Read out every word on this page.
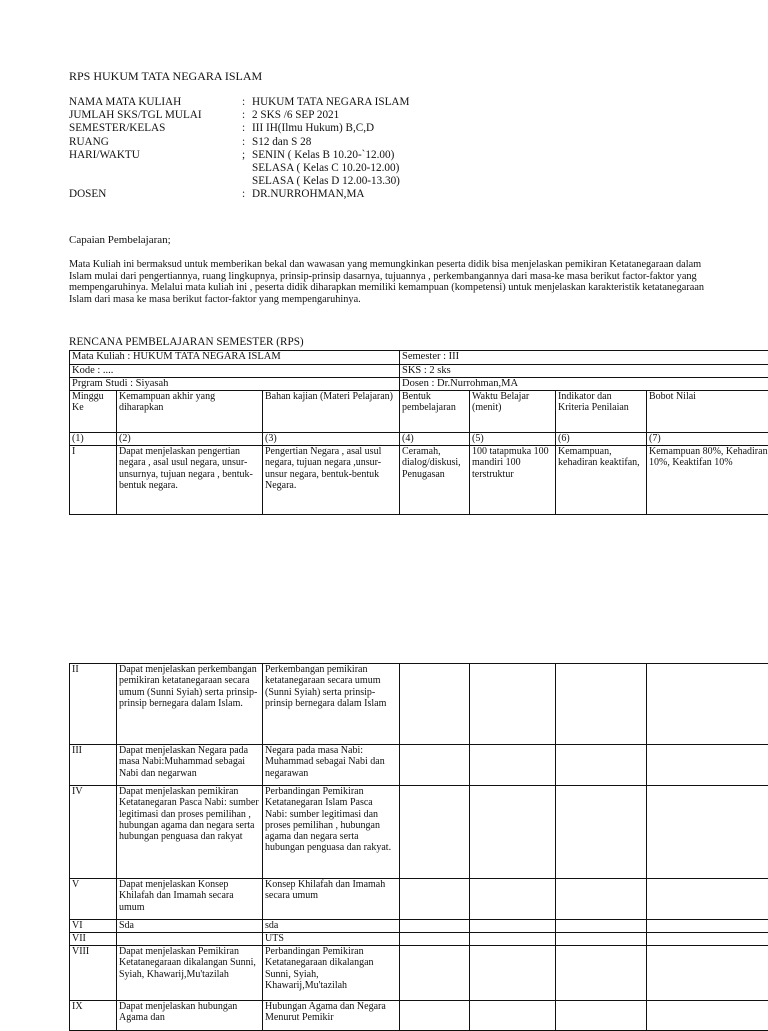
RPS HUKUM TATA NEGARA ISLAM
NAMA MATA KULIAH	: HUKUM TATA NEGARA ISLAM
JUMLAH SKS/TGL MULAI	: 2 SKS /6 SEP 2021
SEMESTER/KELAS	: III IH(Ilmu Hukum) B,C,D
RUANG	: S12 dan S 28
HARI/WAKTU	; SENIN ( Kelas B 10.20-`12.00)
SELASA ( Kelas C 10.20-12.00)
SELASA ( Kelas D 12.00-13.30)
DOSEN	: DR.NURROHMAN,MA
Capaian Pembelajaran;
Mata Kuliah ini bermaksud untuk memberikan bekal dan wawasan yang memungkinkan peserta didik bisa menjelaskan pemikiran Ketatanegaraan dalam Islam mulai dari pengertiannya, ruang lingkupnya, prinsip-prinsip dasarnya, tujuannya , perkembangannya dari masa-ke masa berikut factor-faktor yang mempengaruhinya. Melalui mata kuliah ini , peserta didik diharapkan memiliki kemampuan (kompetensi) untuk menjelaskan karakteristik ketatanegaraan Islam dari masa ke masa berikut factor-faktor yang mempengaruhinya.
RENCANA PEMBELAJARAN SEMESTER (RPS)
Mata Kuliah : HUKUM TATA NEGARA ISLAM			Semester : III			
Kode : ....			SKS : 2 sks			
Prgram Studi : Siyasah			Dosen : Dr.Nurrohman,MA			
Minggu Ke	Kemampuan akhir yang diharapkan	Bahan kajian (Materi Pelajaran)	Bentuk pembelajaran	Waktu Belajar (menit)	Indikator dan Kriteria Penilaian	Bobot Nilai
(1)	(2)	(3)	(4)	(5)	(6)	(7)
I	Dapat menjelaskan pengertian negara , asal usul negara, unsur-unsurnya, tujuan negara , bentuk-bentuk negara.	Pengertian Negara , asal usul negara, tujuan negara ,unsur-unsur negara, bentuk-bentuk Negara.	Ceramah, dialog/diskusi, Penugasan	100 tatapmuka 100 mandiri 100 terstruktur	Kemampuan, kehadiran keaktifan,	Kemampuan 80%, Kehadiran 10%, Keaktifan 10%
II	Dapat menjelaskan perkembangan pemikiran ketatanegaraan secara umum (Sunni Syiah) serta prinsip-prinsip bernegara dalam Islam.	Perkembangan pemikiran ketatanegaraan secara umum (Sunni Syiah) serta prinsip- prinsip bernegara dalam Islam				
III	Dapat menjelaskan Negara pada masa Nabi:Muhammad sebagai Nabi dan negarwan	Negara pada masa Nabi: Muhammad sebagai Nabi dan negarawan				
IV	Dapat menjelaskan pemikiran Ketatanegaran Pasca Nabi: sumber legitimasi dan proses pemilihan , hubungan agama dan negara serta hubungan penguasa dan rakyat	Perbandingan Pemikiran Ketatanegaran Islam Pasca Nabi: sumber legitimasi dan proses pemilihan , hubungan agama dan negara serta hubungan penguasa dan rakyat.				
V	Dapat menjelaskan Konsep Khilafah dan Imamah secara umum	Konsep Khilafah dan Imamah secara umum				
VI	Sda	sda				
VII		UTS				
VIII	Dapat menjelaskan Pemikiran Ketatanegaraan dikalangan Sunni, Syiah, Khawarij,Mu'tazilah	Perbandingan Pemikiran Ketatanegaraan dikalangan Sunni, Syiah, Khawarij,Mu'tazilah				
IX	Dapat menjelaskan hubungan Agama dan	Hubungan Agama dan Negara Menurut Pemikir				
